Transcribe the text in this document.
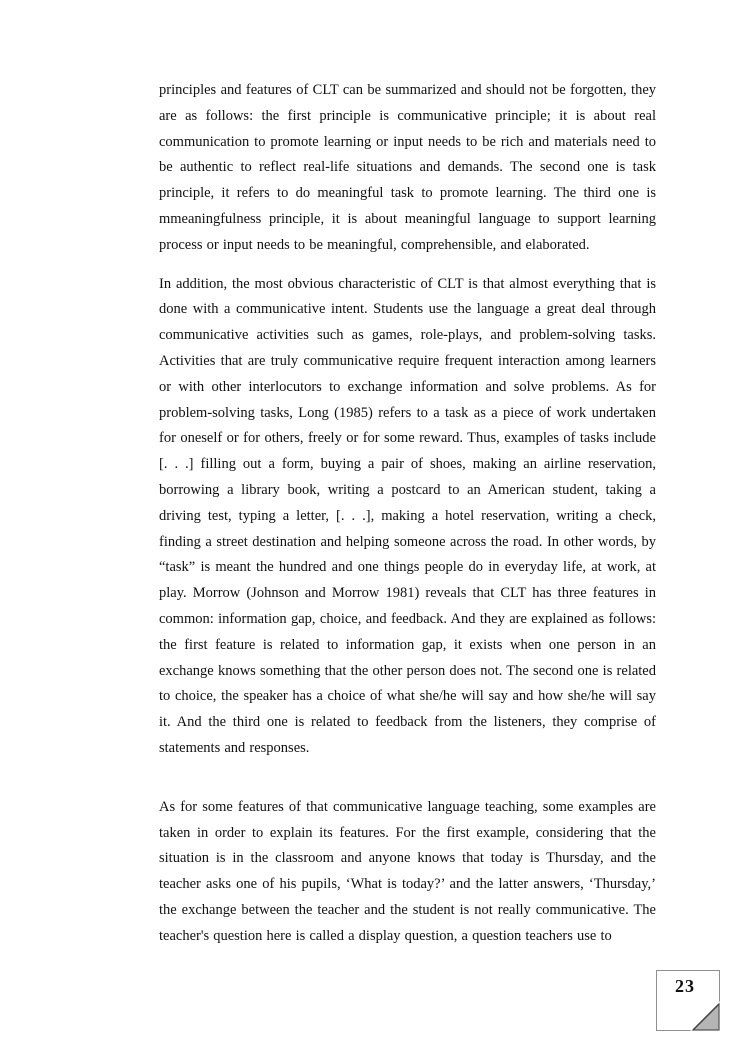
principles and features of CLT can be summarized and should not be forgotten, they are as follows: the first principle is communicative principle; it is about real communication to promote learning or input needs to be rich and materials need to be authentic to reflect real-life situations and demands. The second one is task principle, it refers to do meaningful task to promote learning. The third one is mmeaningfulness principle, it is about meaningful language to support learning process or input needs to be meaningful, comprehensible, and elaborated.

In addition, the most obvious characteristic of CLT is that almost everything that is done with a communicative intent. Students use the language a great deal through communicative activities such as games, role-plays, and problem-solving tasks. Activities that are truly communicative require frequent interaction among learners or with other interlocutors to exchange information and solve problems. As for problem-solving tasks, Long (1985) refers to a task as a piece of work undertaken for oneself or for others, freely or for some reward. Thus, examples of tasks include [. . .] filling out a form, buying a pair of shoes, making an airline reservation, borrowing a library book, writing a postcard to an American student, taking a driving test, typing a letter, [. . .], making a hotel reservation, writing a check, finding a street destination and helping someone across the road. In other words, by “task” is meant the hundred and one things people do in everyday life, at work, at play. Morrow (Johnson and Morrow 1981) reveals that CLT has three features in common: information gap, choice, and feedback. And they are explained as follows: the first feature is related to information gap, it exists when one person in an exchange knows something that the other person does not. The second one is related to choice, the speaker has a choice of what she/he will say and how she/he will say it. And the third one is related to feedback from the listeners, they comprise of statements and responses.

As for some features of that communicative language teaching, some examples are taken in order to explain its features. For the first example, considering that the situation is in the classroom and anyone knows that today is Thursday, and the teacher asks one of his pupils, ‘What is today?’ and the latter answers, ‘Thursday,’ the exchange between the teacher and the student is not really communicative. The teacher's question here is called a display question, a question teachers use to

23
